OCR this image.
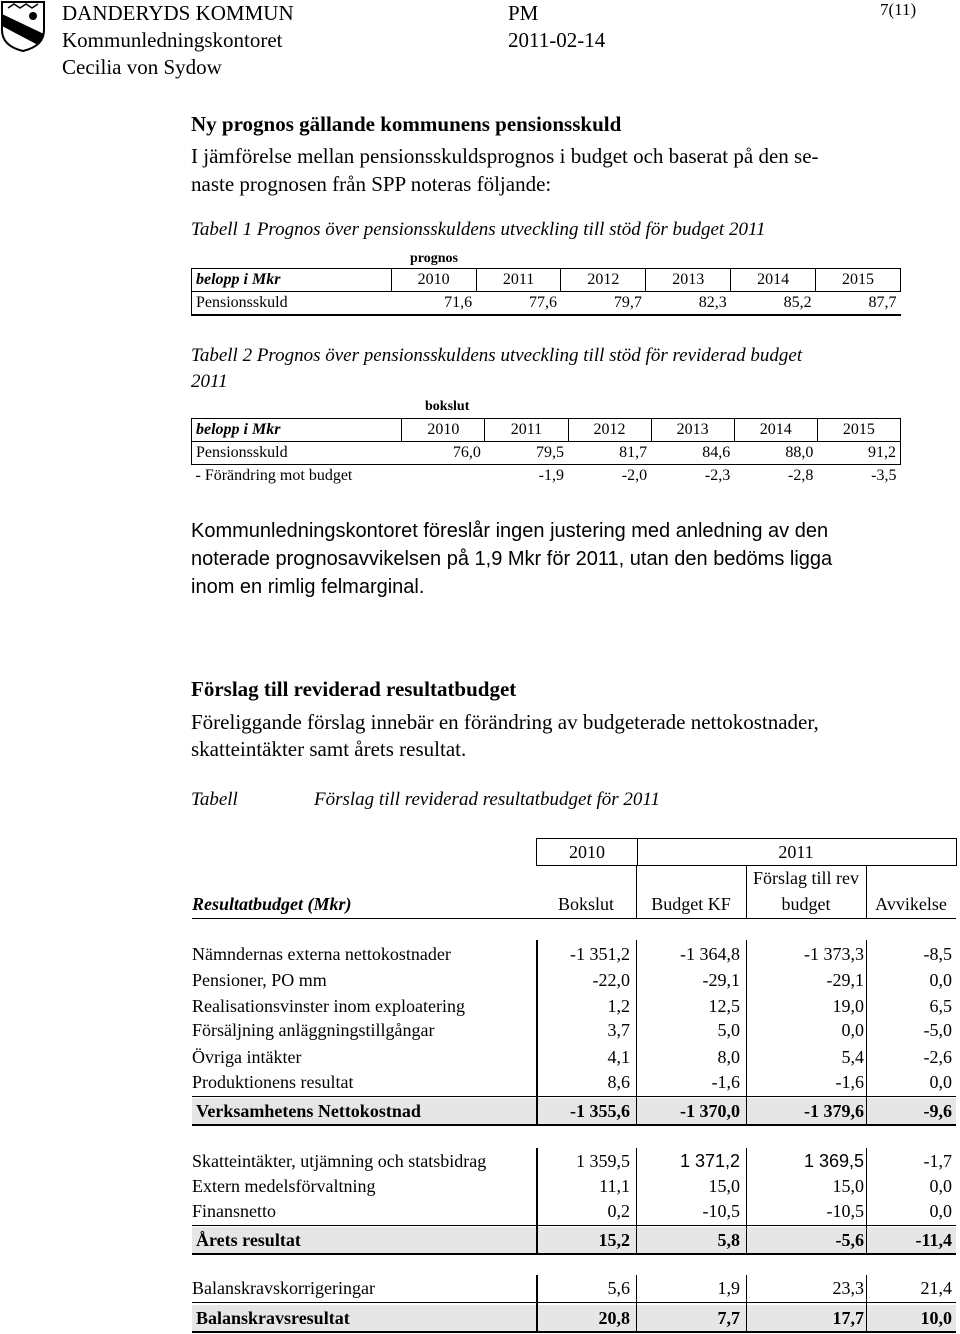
DANDERYDS KOMMUN
Kommunledningskontoret
Cecilia von Sydow
PM
2011-02-14
7(11)
Ny prognos gällande kommunens pensionsskuld
I jämförelse mellan pensionsskuldsprognos i budget och baserat på den se-
naste prognosen från SPP noteras följande:
Tabell 1 Prognos över pensionsskuldens utveckling till stöd för budget 2011
prognos
belopp i Mkr	2010	2011	2012	2013	2014	2015
Pensionsskuld	71,6	77,6	79,7	82,3	85,2	87,7
Tabell 2 Prognos över pensionsskuldens utveckling till stöd för reviderad budget
2011
bokslut
belopp i Mkr	2010	2011	2012	2013	2014	2015
Pensionsskuld	76,0	79,5	81,7	84,6	88,0	91,2
- Förändring mot budget		-1,9	-2,0	-2,3	-2,8	-3,5
Kommunledningskontoret föreslår ingen justering med anledning av den
noterade prognosavvikelsen på 1,9 Mkr för 2011, utan den bedöms ligga
inom en rimlig felmarginal.
Förslag till reviderad resultatbudget
Föreliggande förslag innebär en förändring av budgeterade nettokostnader,
skatteintäkter samt årets resultat.
Tabell	Förslag till reviderad resultatbudget för 2011
2010	2011
Resultatbudget (Mkr)	Bokslut	Budget KF
Förslag till rev
budget	Avvikelse
Nämndernas externa nettokostnader	-1 351,2	-1 364,8	-1 373,3	-8,5
Pensioner, PO mm	-22,0	-29,1	-29,1	0,0
Realisationsvinster inom exploatering	1,2	12,5	19,0	6,5
Försäljning anläggningstillgångar	3,7	5,0	0,0	-5,0
Övriga intäkter	4,1	8,0	5,4	-2,6
Produktionens resultat	8,6	-1,6	-1,6	0,0
Verksamhetens Nettokostnad	-1 355,6	-1 370,0	-1 379,6	-9,6
Skatteintäkter, utjämning och statsbidrag	1 359,5	1 371,2	1 369,5	-1,7
Extern medelsförvaltning	11,1	15,0	15,0	0,0
Finansnetto	0,2	-10,5	-10,5	0,0
Årets resultat	15,2	5,8	-5,6	-11,4
Balanskravskorrigeringar	5,6	1,9	23,3	21,4
Balanskravsresultat	20,8	7,7	17,7	10,0
